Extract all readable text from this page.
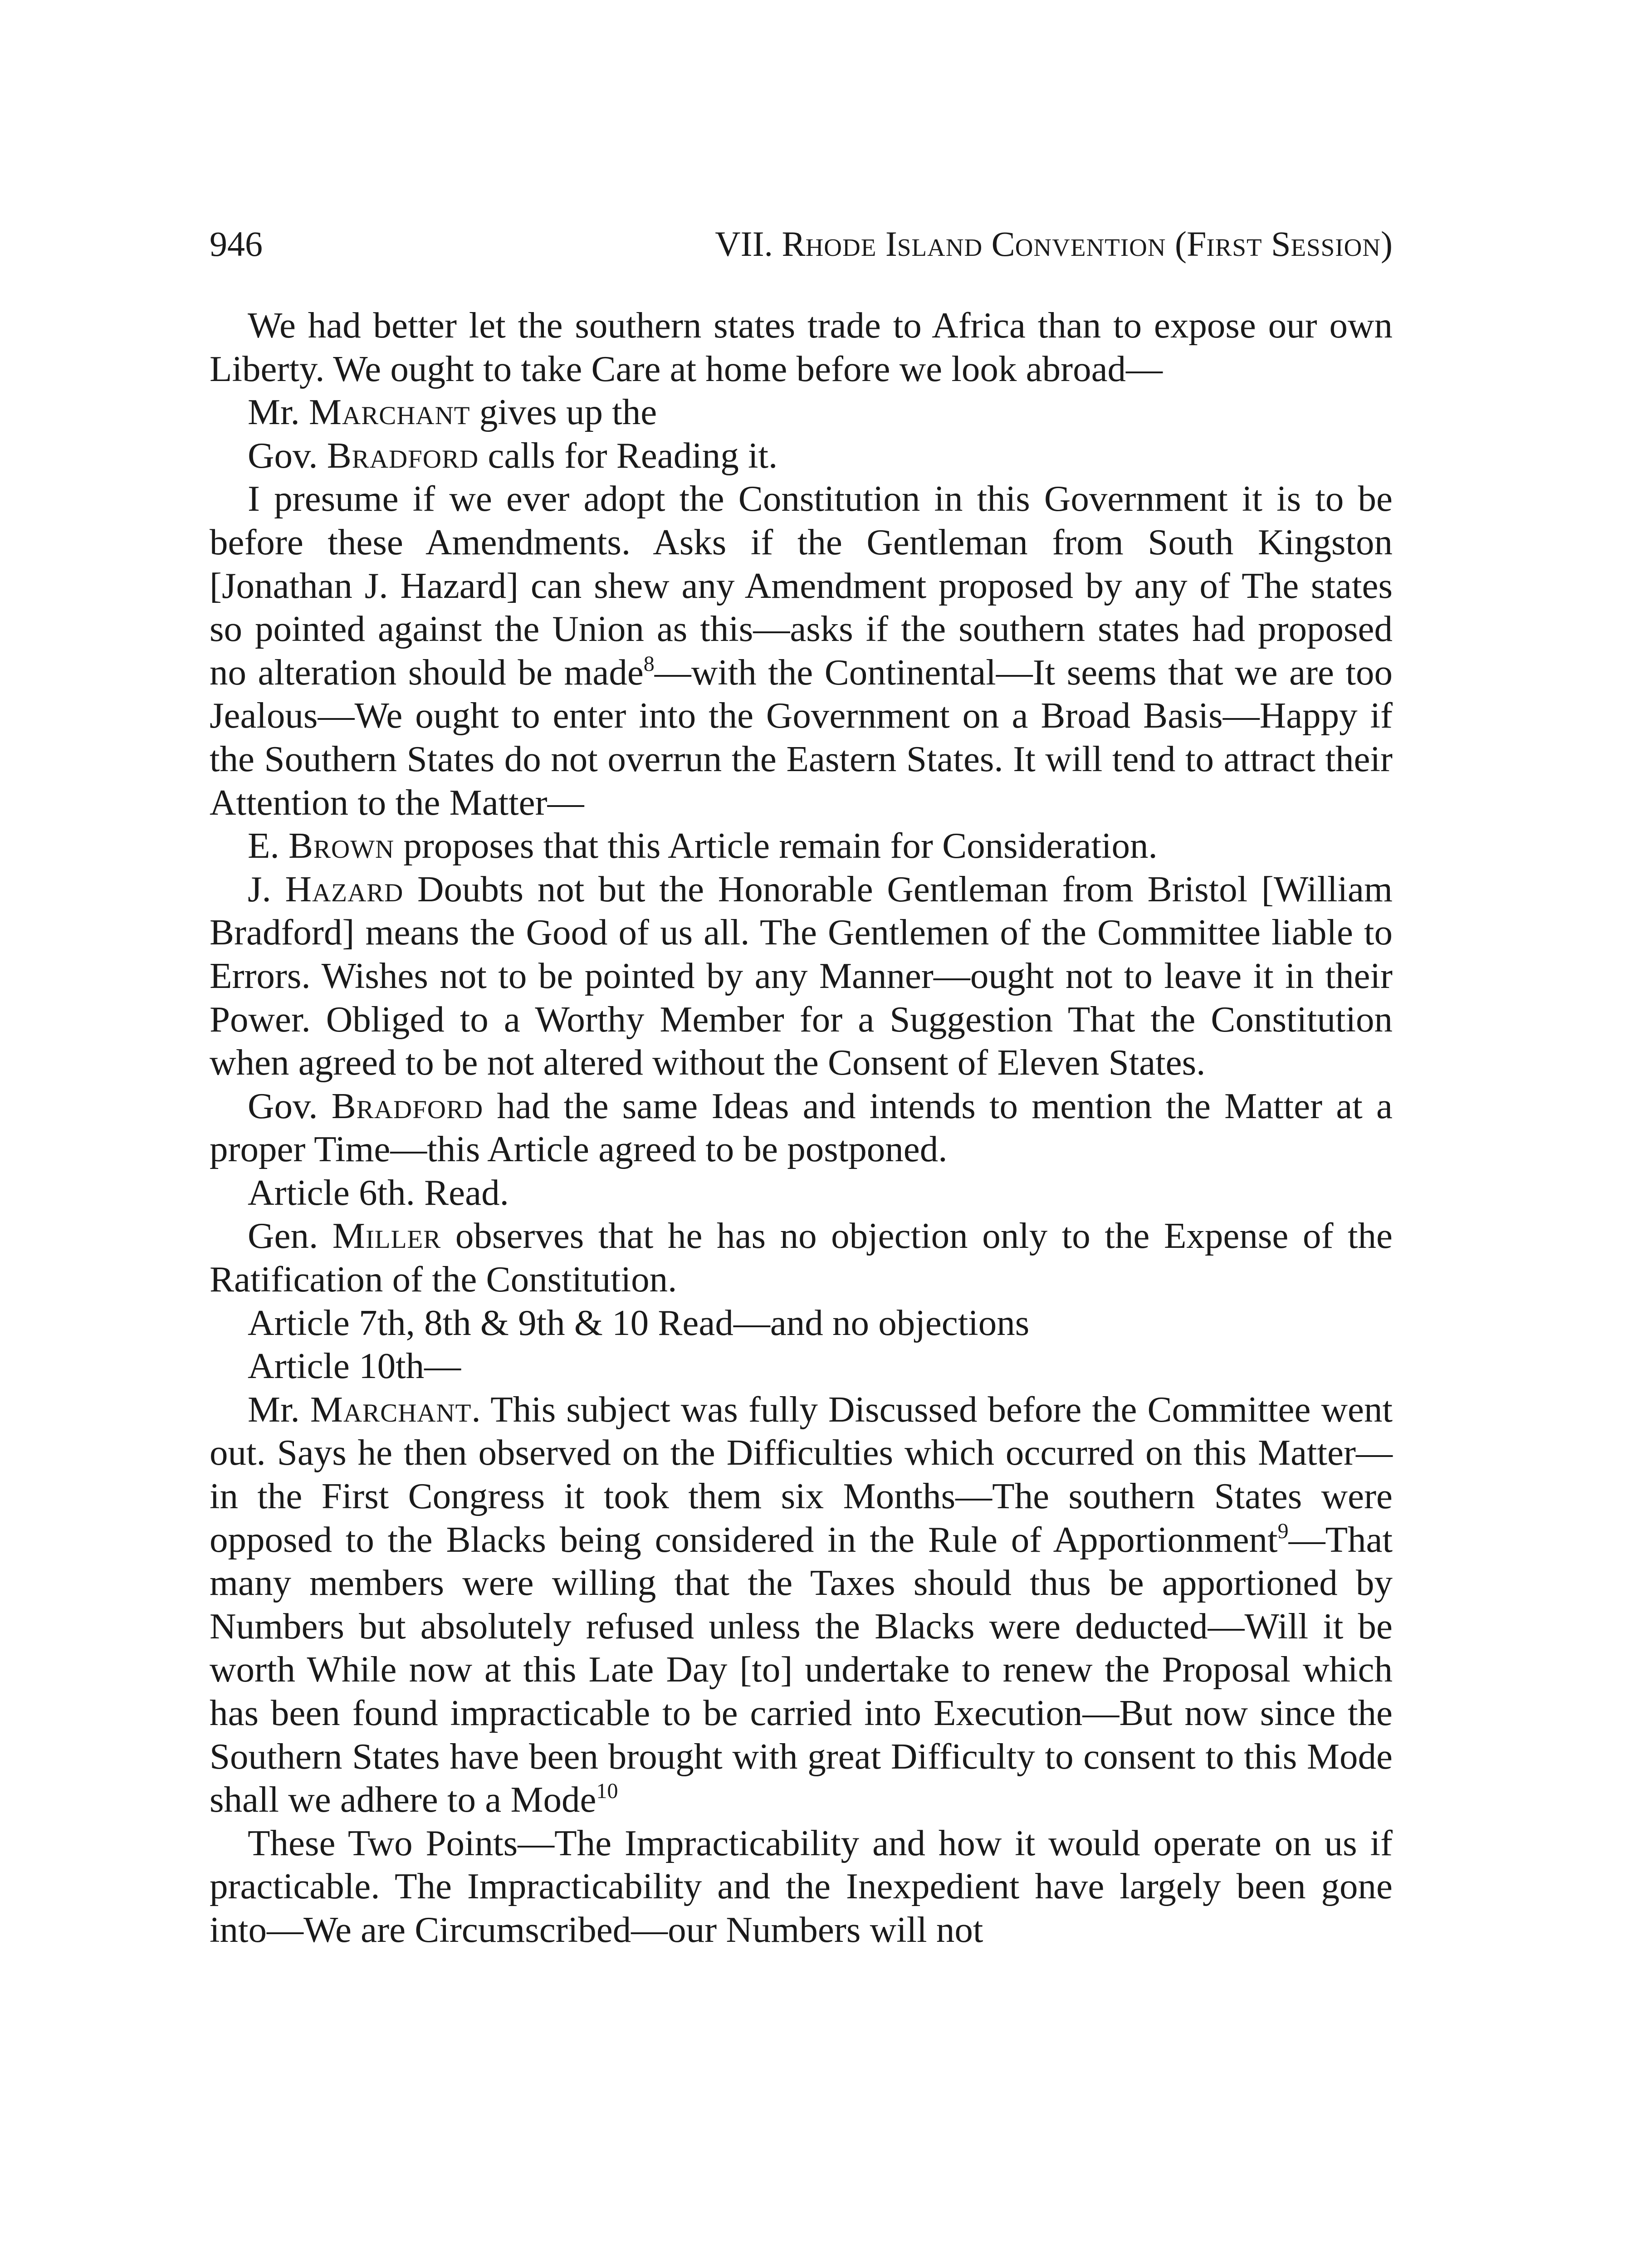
946	VII. Rhode Island Convention (First Session)

We had better let the southern states trade to Africa than to expose our own Liberty. We ought to take Care at home before we look abroad—

Mr. Marchant gives up the

Gov. Bradford calls for Reading it.

I presume if we ever adopt the Constitution in this Government it is to be before these Amendments. Asks if the Gentleman from South Kingston [Jonathan J. Hazard] can shew any Amendment proposed by any of The states so pointed against the Union as this—asks if the southern states had proposed no alteration should be made$^8$—with the Continental—It seems that we are too Jealous—We ought to enter into the Government on a Broad Basis—Happy if the Southern States do not overrun the Eastern States. It will tend to attract their Attention to the Matter—

E. Brown proposes that this Article remain for Consideration.

J. Hazard Doubts not but the Honorable Gentleman from Bristol [William Bradford] means the Good of us all. The Gentlemen of the Committee liable to Errors. Wishes not to be pointed by any Manner—ought not to leave it in their Power. Obliged to a Worthy Member for a Suggestion That the Constitution when agreed to be not altered without the Consent of Eleven States.

Gov. Bradford had the same Ideas and intends to mention the Matter at a proper Time—this Article agreed to be postponed.

Article 6th. Read.

Gen. Miller observes that he has no objection only to the Expense of the Ratification of the Constitution.

Article 7th, 8th & 9th & 10 Read—and no objections

Article 10th—

Mr. Marchant. This subject was fully Discussed before the Committee went out. Says he then observed on the Difficulties which occurred on this Matter—in the First Congress it took them six Months—The southern States were opposed to the Blacks being considered in the Rule of Apportionment$^9$—That many members were willing that the Taxes should thus be apportioned by Numbers but absolutely refused unless the Blacks were deducted—Will it be worth While now at this Late Day [to] undertake to renew the Proposal which has been found impracticable to be carried into Execution—But now since the Southern States have been brought with great Difficulty to consent to this Mode shall we adhere to a Mode$^{10}$

These Two Points—The Impracticability and how it would operate on us if practicable. The Impracticability and the Inexpedient have largely been gone into—We are Circumscribed—our Numbers will not
